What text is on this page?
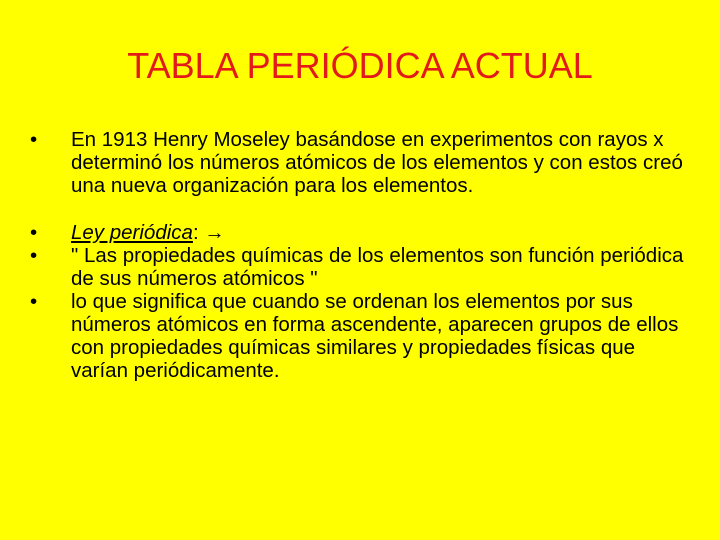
TABLA PERIÓDICA ACTUAL
•	En 1913 Henry Moseley basándose en experimentos con rayos x determinó los números atómicos de los elementos y con estos creó una nueva organización para los elementos.
•	Ley periódica: →
•	" Las propiedades químicas de los elementos son función periódica de sus números atómicos "
•	lo que significa que cuando se ordenan los elementos por sus números atómicos en forma ascendente, aparecen grupos de ellos con propiedades químicas similares y propiedades físicas que varían periódicamente.
